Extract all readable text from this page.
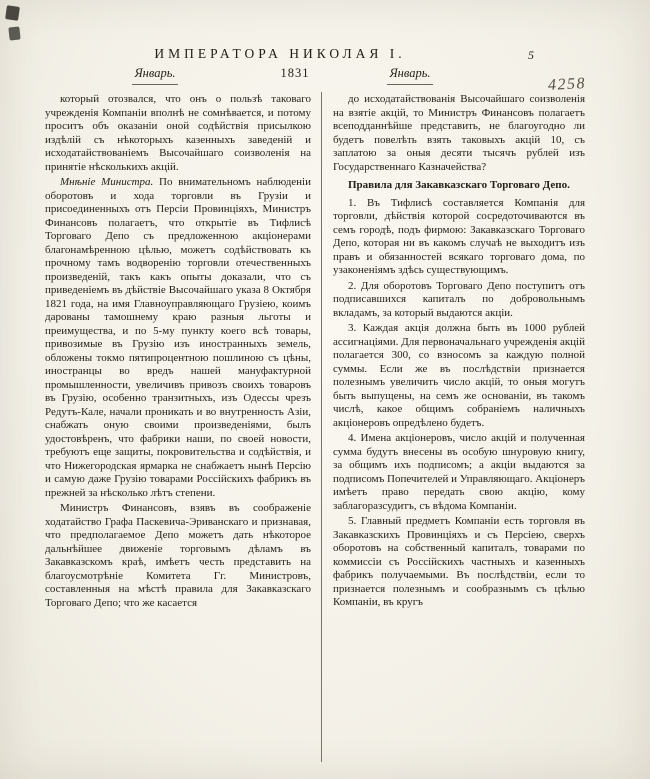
ИМПЕРАТОРА НИКОЛАЯ I.	5
4258
Январь.	1831	Январь.

который отозвался, что онъ о пользѣ таковаго учрежденія Компаніи вполнѣ не сомнѣвается, и потому проситъ объ оказаніи оной содѣйствія присылкою издѣлій съ нѣкоторыхъ казенныхъ заведеній и исходатайствованіемъ Высочайшаго соизволенія на принятіе нѣсколькихъ акцій.

Мнѣніе Министра. По внимательномъ наблюденіи оборотовъ и хода торговли въ Грузіи и присоединенныхъ отъ Персіи Провинціяхъ, Министръ Финансовъ полагаетъ, что открытіе въ Тифлисѣ Торговаго Депо съ предложенною акціонерами благонамѣренною цѣлью, можетъ содѣйствовать къ прочному тамъ водворенію торговли отечественныхъ произведеній, такъ какъ опыты доказали, что съ приведеніемъ въ дѣйствіе Высочайшаго указа 8 Октября 1821 года, на имя Главноуправляющаго Грузіею, коимъ дарованы тамошнему краю разныя льготы и преимущества, и по 5-му пункту коего всѣ товары, привозимые въ Грузію изъ иностранныхъ земель, обложены токмо пятипроцентною пошлиною съ цѣны, иностранцы во вредъ нашей мануфактурной промышленности, увеличивъ привозъ своихъ товаровъ въ Грузію, особенно транзитныхъ, изъ Одессы чрезъ Редутъ-Кале, начали проникать и во внутренность Азіи, снабжать оную своими произведеніями, былъ удостовѣренъ, что фабрики наши, по своей новости, требуютъ еще защиты, покровительства и содѣйствія, и что Нижегородская ярмарка не снабжаетъ нынѣ Персію и самую даже Грузію товарами Россійскихъ фабрикъ въ прежней за нѣсколько лѣтъ степени.

Министръ Финансовъ, взявъ въ соображеніе ходатайство Графа Паскевича-Эриванскаго и признавая, что предполагаемое Депо можетъ дать нѣкоторое дальнѣйшее движеніе торговымъ дѣламъ въ Закавказскомъ краѣ, имѣетъ честь представить на благоусмотрѣніе Комитета Гг. Министровъ, составленныя на мѣстѣ правила для Закавказскаго Торговаго Депо; что же касается

до исходатайствованія Высочайшаго соизволенія на взятіе акцій, то Министръ Финансовъ полагаетъ всеподданнѣйше представить, не благоугодно ли будетъ повелѣть взять таковыхъ акцій 10, съ заплатою за оныя десяти тысячъ рублей изъ Государственнаго Казначейства?

Правила для Закавказскаго Торговаго Депо.

1. Въ Тифлисѣ составляется Компанія для торговли, дѣйствія которой сосредоточиваются въ семъ городѣ, подъ фирмою: Закавказскаго Торговаго Депо, которая ни въ какомъ случаѣ не выходитъ изъ правъ и обязанностей всякаго торговаго дома, по узаконеніямъ здѣсь существующимъ.

2. Для оборотовъ Торговаго Депо поступитъ отъ подписавшихся капиталъ по добровольнымъ вкладамъ, за который выдаются акціи.

3. Каждая акція должна быть въ 1000 рублей ассигнаціями. Для первоначальнаго учрежденія акцій полагается 300, со взносомъ за каждую полной суммы. Если же въ послѣдствіи признается полезнымъ увеличить число акцій, то оныя могутъ быть выпущены, на семъ же основаніи, въ такомъ числѣ, какое общимъ собраніемъ наличныхъ акціонеровъ опредѣлено будетъ.

4. Имена акціонеровъ, число акцій и полученная сумма будутъ внесены въ особую шнуровую книгу, за общимъ ихъ подписомъ; а акціи выдаются за подписомъ Попечителей и Управляющаго. Акціонеръ имѣетъ право передать свою акцію, кому заблагоразсудитъ, съ вѣдома Компаніи.

5. Главный предметъ Компаніи есть торговля въ Закавказскихъ Провинціяхъ и съ Персіею, сверхъ оборотовъ на собственный капиталъ, товарами по коммиссіи съ Россійскихъ частныхъ и казенныхъ фабрикъ получаемыми. Въ послѣдствіи, если то признается полезнымъ и сообразнымъ съ цѣлью Компаніи, въ кругъ
